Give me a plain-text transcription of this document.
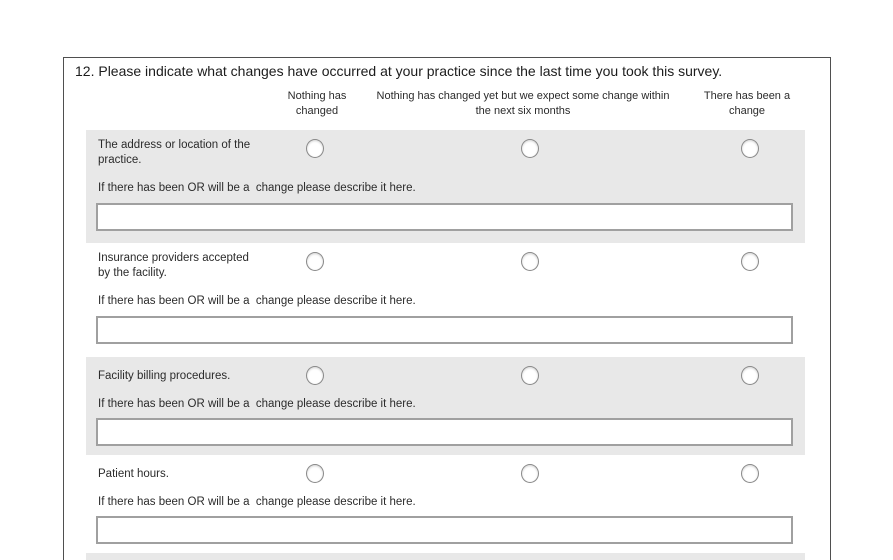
12. Please indicate what changes have occurred at your practice since the last time you took this survey.
Nothing has
changed
Nothing has changed yet but we expect some change within
the next six months
There has been a
change
The address or location of the
practice.
If there has been OR will be a  change please describe it here.
Insurance providers accepted
by the facility.
If there has been OR will be a  change please describe it here.
Facility billing procedures.
If there has been OR will be a  change please describe it here.
Patient hours.
If there has been OR will be a  change please describe it here.
